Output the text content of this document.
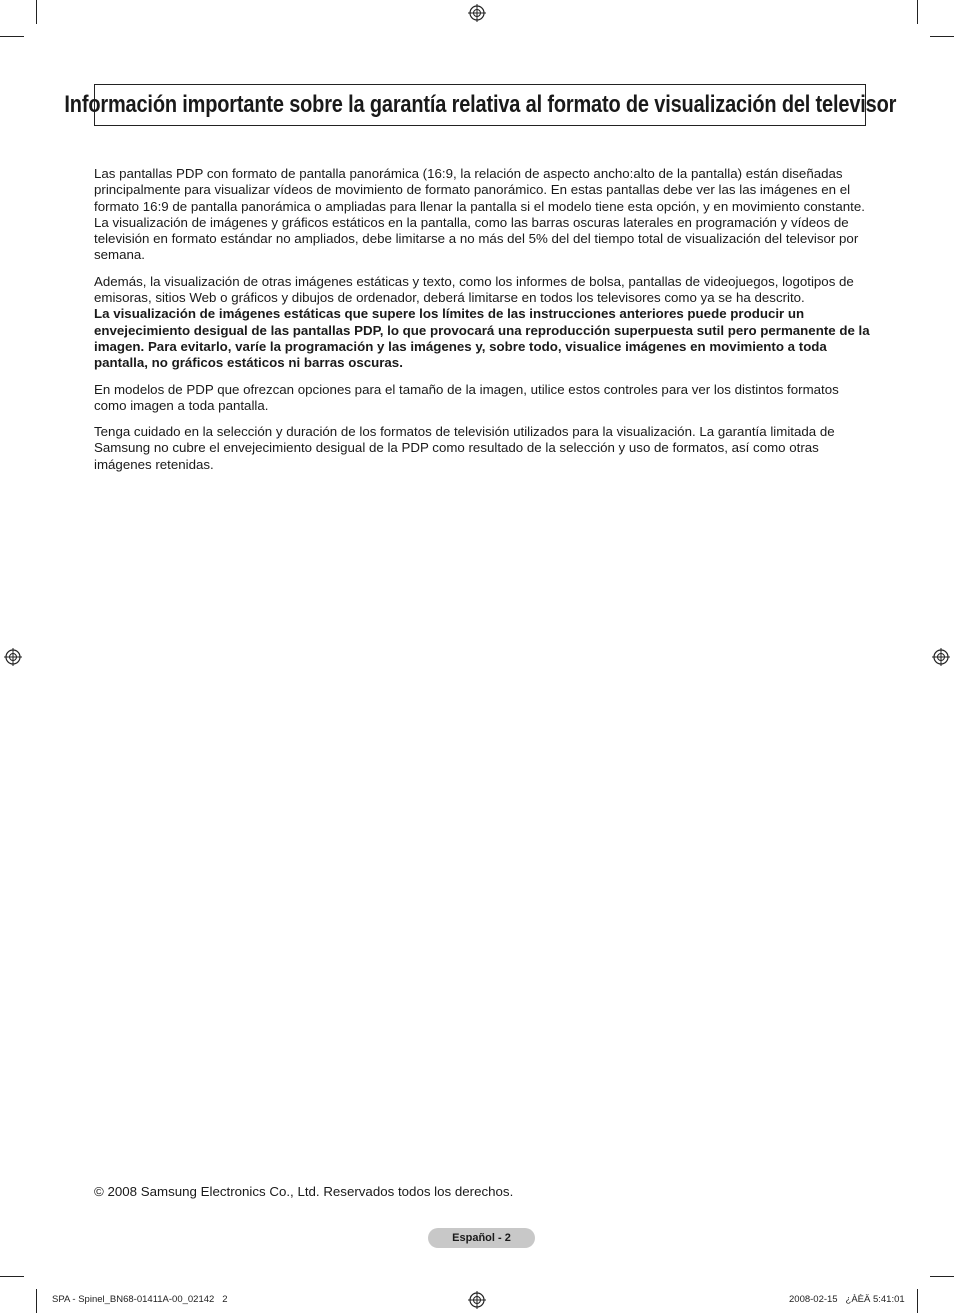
Información importante sobre la garantía relativa al formato de visualización del televisor

Las pantallas PDP con formato de pantalla panorámica (16:9, la relación de aspecto ancho:alto de la pantalla) están diseñadas principalmente para visualizar vídeos de movimiento de formato panorámico. En estas pantallas debe ver las las imágenes en el formato 16:9 de pantalla panorámica o ampliadas para llenar la pantalla si el modelo tiene esta opción, y en movimiento constante. La visualización de imágenes y gráficos estáticos en la pantalla, como las barras oscuras laterales en programación y vídeos de televisión en formato estándar no ampliados, debe limitarse a no más del 5% del del tiempo total de visualización del televisor por semana.

Además, la visualización de otras imágenes estáticas y texto, como los informes de bolsa, pantallas de videojuegos, logotipos de emisoras, sitios Web o gráficos y dibujos de ordenador, deberá limitarse en todos los televisores como ya se ha descrito.
La visualización de imágenes estáticas que supere los límites de las instrucciones anteriores puede producir un envejecimiento desigual de las pantallas PDP, lo que provocará una reproducción superpuesta sutil pero permanente de la imagen. Para evitarlo, varíe la programación y las imágenes y, sobre todo, visualice imágenes en movimiento a toda pantalla, no gráficos estáticos ni barras oscuras.

En modelos de PDP que ofrezcan opciones para el tamaño de la imagen, utilice estos controles para ver los distintos formatos como imagen a toda pantalla.

Tenga cuidado en la selección y duración de los formatos de televisión utilizados para la visualización. La garantía limitada de Samsung no cubre el envejecimiento desigual de la PDP como resultado de la selección y uso de formatos, así como otras imágenes retenidas.

© 2008 Samsung Electronics Co., Ltd. Reservados todos los derechos.
Español - 2
SPA - Spinel_BN68-01411A-00_02142   2	2008-02-15   ¿ÀÈÄ 5:41:01
